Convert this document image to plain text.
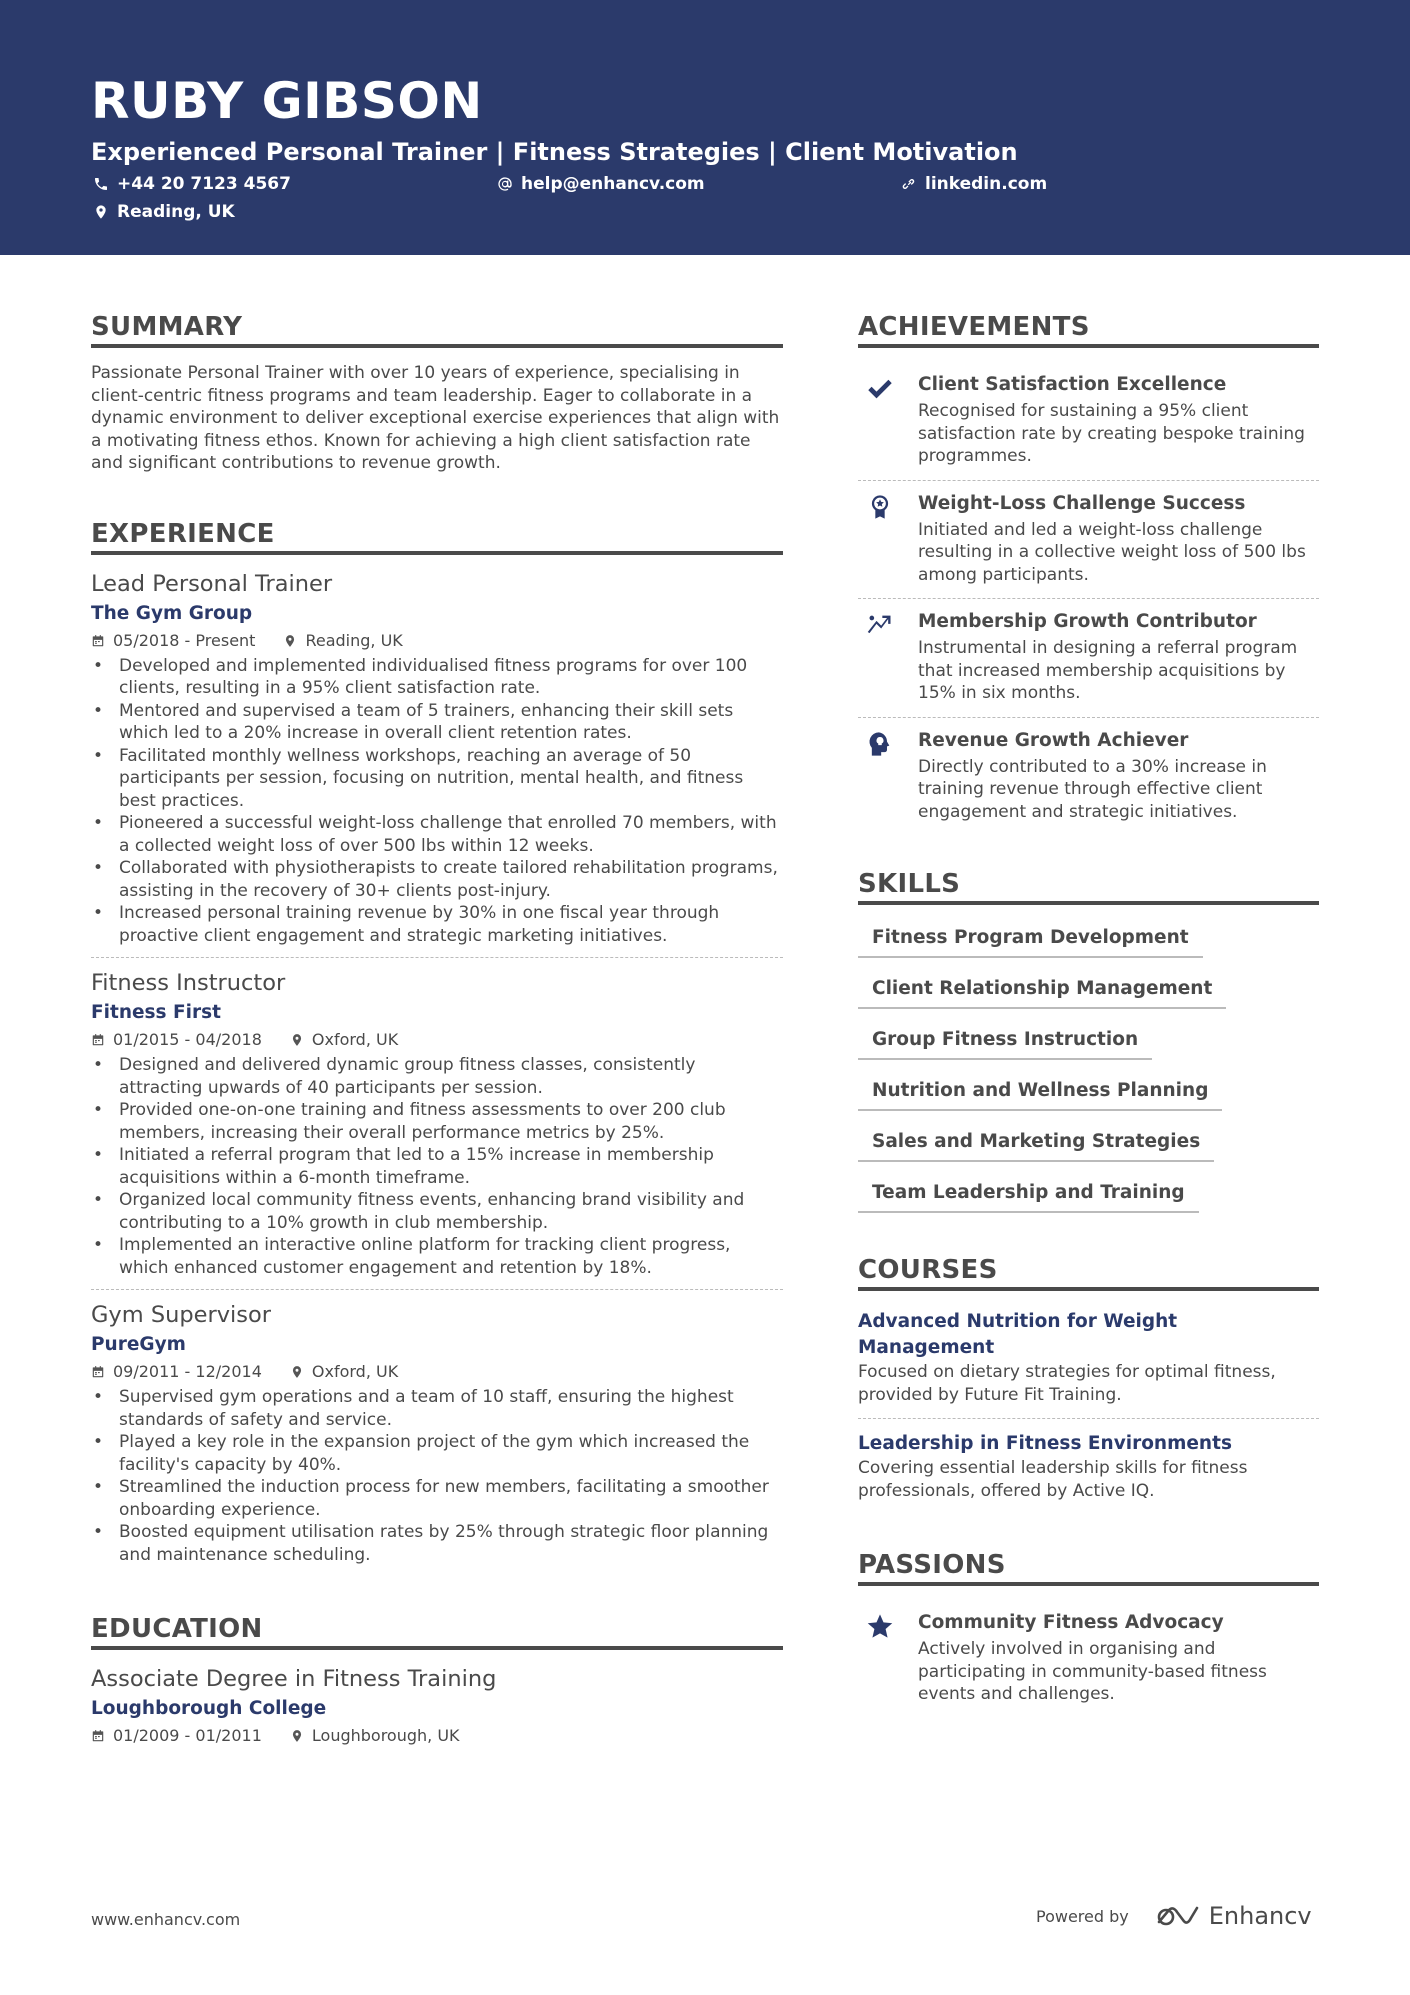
RUBY GIBSON
Experienced Personal Trainer | Fitness Strategies | Client Motivation
+44 20 7123 4567	help@enhancv.com	linkedin.com
Reading, UK
SUMMARY
Passionate Personal Trainer with over 10 years of experience, specialising in client-centric fitness programs and team leadership. Eager to collaborate in a dynamic environment to deliver exceptional exercise experiences that align with a motivating fitness ethos. Known for achieving a high client satisfaction rate and significant contributions to revenue growth.
EXPERIENCE
Lead Personal Trainer
The Gym Group
05/2018 - Present	Reading, UK
• Developed and implemented individualised fitness programs for over 100 clients, resulting in a 95% client satisfaction rate.
• Mentored and supervised a team of 5 trainers, enhancing their skill sets which led to a 20% increase in overall client retention rates.
• Facilitated monthly wellness workshops, reaching an average of 50 participants per session, focusing on nutrition, mental health, and fitness best practices.
• Pioneered a successful weight-loss challenge that enrolled 70 members, with a collected weight loss of over 500 lbs within 12 weeks.
• Collaborated with physiotherapists to create tailored rehabilitation programs, assisting in the recovery of 30+ clients post-injury.
• Increased personal training revenue by 30% in one fiscal year through proactive client engagement and strategic marketing initiatives.
Fitness Instructor
Fitness First
01/2015 - 04/2018	Oxford, UK
• Designed and delivered dynamic group fitness classes, consistently attracting upwards of 40 participants per session.
• Provided one-on-one training and fitness assessments to over 200 club members, increasing their overall performance metrics by 25%.
• Initiated a referral program that led to a 15% increase in membership acquisitions within a 6-month timeframe.
• Organized local community fitness events, enhancing brand visibility and contributing to a 10% growth in club membership.
• Implemented an interactive online platform for tracking client progress, which enhanced customer engagement and retention by 18%.
Gym Supervisor
PureGym
09/2011 - 12/2014	Oxford, UK
• Supervised gym operations and a team of 10 staff, ensuring the highest standards of safety and service.
• Played a key role in the expansion project of the gym which increased the facility's capacity by 40%.
• Streamlined the induction process for new members, facilitating a smoother onboarding experience.
• Boosted equipment utilisation rates by 25% through strategic floor planning and maintenance scheduling.
EDUCATION
Associate Degree in Fitness Training
Loughborough College
01/2009 - 01/2011	Loughborough, UK
ACHIEVEMENTS
Client Satisfaction Excellence
Recognised for sustaining a 95% client satisfaction rate by creating bespoke training programmes.
Weight-Loss Challenge Success
Initiated and led a weight-loss challenge resulting in a collective weight loss of 500 lbs among participants.
Membership Growth Contributor
Instrumental in designing a referral program that increased membership acquisitions by 15% in six months.
Revenue Growth Achiever
Directly contributed to a 30% increase in training revenue through effective client engagement and strategic initiatives.
SKILLS
Fitness Program Development
Client Relationship Management
Group Fitness Instruction
Nutrition and Wellness Planning
Sales and Marketing Strategies
Team Leadership and Training
COURSES
Advanced Nutrition for Weight Management
Focused on dietary strategies for optimal fitness, provided by Future Fit Training.
Leadership in Fitness Environments
Covering essential leadership skills for fitness professionals, offered by Active IQ.
PASSIONS
Community Fitness Advocacy
Actively involved in organising and participating in community-based fitness events and challenges.
www.enhancv.com	Powered by	Enhancv
